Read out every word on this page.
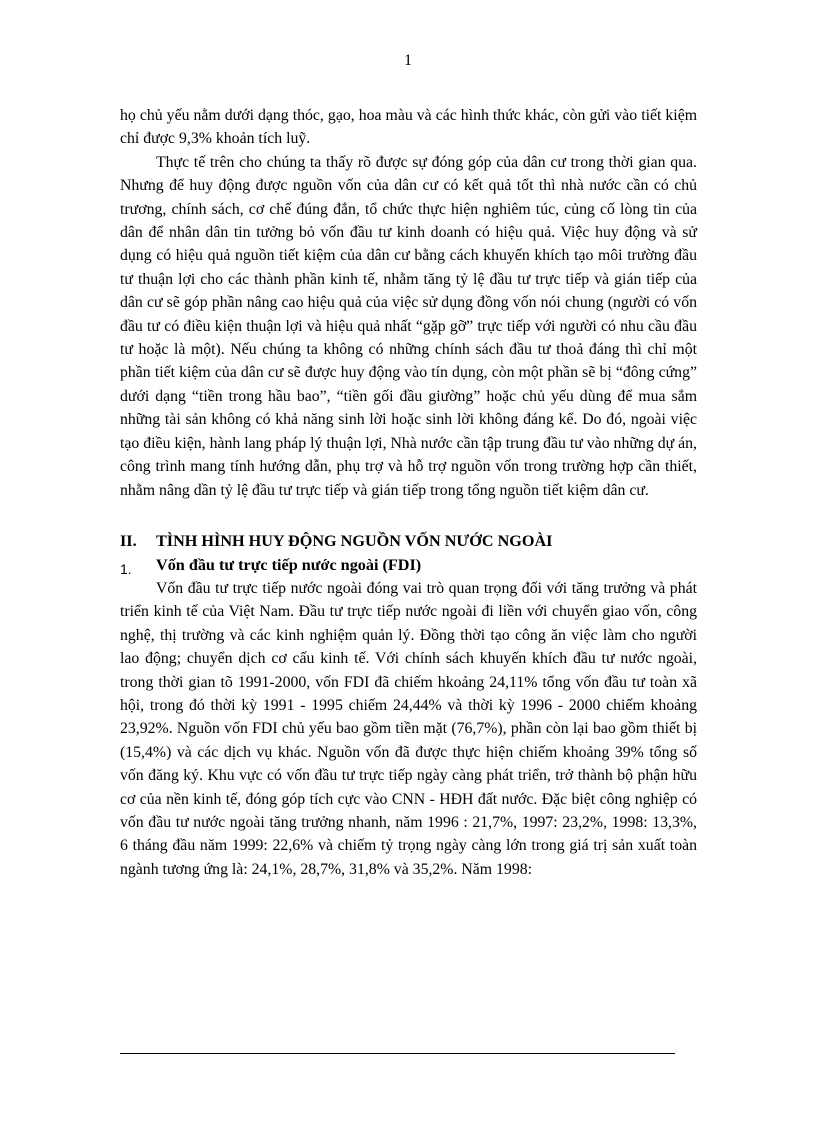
1

họ chủ yếu nằm dưới dạng thóc, gạo, hoa màu và các hình thức khác, còn gửi vào tiết kiệm chỉ được 9,3% khoản tích luỹ.

Thực tế trên cho chúng ta thấy rõ được sự đóng góp của dân cư trong thời gian qua. Nhưng để huy động được nguồn vốn của dân cư có kết quả tốt thì nhà nước cần có chủ trương, chính sách, cơ chế đúng đắn, tổ chức thực hiện nghiêm túc, củng cố lòng tin của dân để nhân dân tin tưởng bỏ vốn đầu tư kinh doanh có hiệu quả. Việc huy động và sử dụng có hiệu quả nguồn tiết kiệm của dân cư bằng cách khuyến khích tạo môi trường đầu tư thuận lợi cho các thành phần kinh tế, nhằm tăng tỷ lệ đầu tư trực tiếp và gián tiếp của dân cư sẽ góp phần nâng cao hiệu quả của việc sử dụng đồng vốn nói chung (người có vốn đầu tư có điều kiện thuận lợi và hiệu quả nhất “gặp gỡ” trực tiếp với người có nhu cầu đầu tư hoặc là một). Nếu chúng ta không có những chính sách đầu tư thoả đáng thì chỉ một phần tiết kiệm của dân cư sẽ được huy động vào tín dụng, còn một phần sẽ bị “đông cứng” dưới dạng “tiền trong hầu bao”, “tiền gối đầu giường” hoặc chủ yếu dùng để mua sắm những tài sản không có khả năng sinh lời hoặc sinh lời không đáng kể. Do đó, ngoài việc tạo điều kiện, hành lang pháp lý thuận lợi, Nhà nước cần tập trung đầu tư vào những dự án, công trình mang tính hướng dẫn, phụ trợ và hỗ trợ nguồn vốn trong trường hợp cần thiết, nhằm nâng dần tỷ lệ đầu tư trực tiếp và gián tiếp trong tổng nguồn tiết kiệm dân cư.

II.	TÌNH HÌNH HUY ĐỘNG NGUỒN VỐN NƯỚC NGOÀI
1.	Vốn đầu tư trực tiếp nước ngoài (FDI)

Vốn đầu tư trực tiếp nước ngoài đóng vai trò quan trọng đối với tăng trưởng và phát triển kinh tế của Việt Nam. Đầu tư trực tiếp nước ngoài đi liền với chuyển giao vốn, công nghệ, thị trường và các kinh nghiệm quản lý. Đồng thời tạo công ăn việc làm cho người lao động; chuyển dịch cơ cấu kinh tế. Với chính sách khuyến khích đầu tư nước ngoài, trong thời gian tõ 1991-2000, vốn FDI đã chiếm hkoảng 24,11% tổng vốn đầu tư toàn xã hội, trong đó thời kỳ 1991 - 1995 chiếm 24,44% và thời kỳ 1996 - 2000 chiếm khoảng 23,92%. Nguồn vốn FDI chủ yếu bao gồm tiền mặt (76,7%), phần còn lại bao gồm thiết bị (15,4%) và các dịch vụ khác. Nguồn vốn đã được thực hiện chiếm khoảng 39% tổng số vốn đăng ký. Khu vực có vốn đầu tư trực tiếp ngày càng phát triển, trở thành bộ phận hữu cơ của nền kinh tế, đóng góp tích cực vào CNN - HĐH đất nước. Đặc biệt công nghiệp có vốn đầu tư nước ngoài tăng trưởng nhanh, năm 1996 : 21,7%, 1997: 23,2%, 1998: 13,3%, 6 tháng đầu năm 1999: 22,6% và chiếm tỷ trọng ngày càng lớn trong giá trị sản xuất toàn ngành tương ứng là: 24,1%, 28,7%, 31,8% và 35,2%. Năm 1998:
